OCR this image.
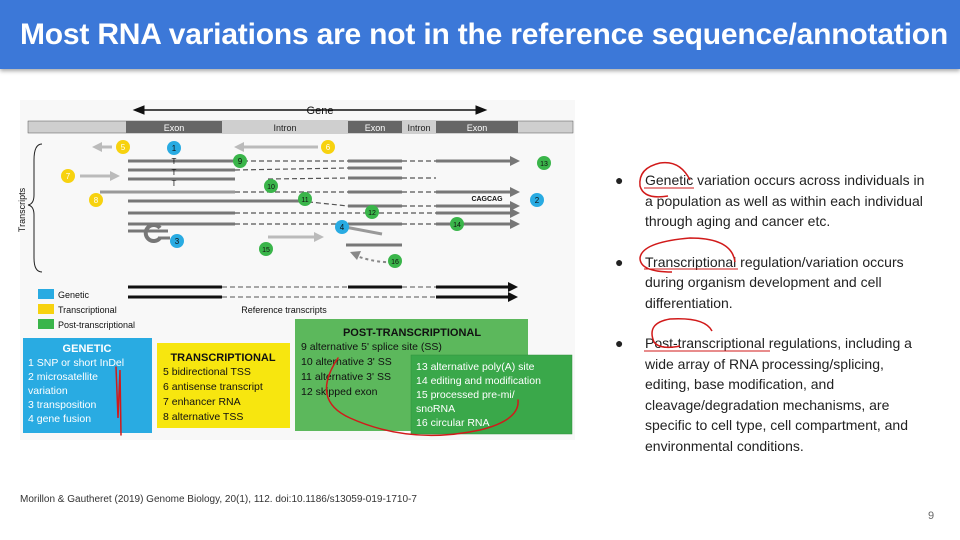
Most RNA variations are not in the reference sequence/annotation
Gene
Exon	Intron	Exon Intron	Exon
Transcripts
T
T
T
CAGCAG
1
2
3
4
5	6
7
8
9
10
11
12
13
14
15
16
Genetic
Transcriptional
Post-transcriptional
Reference transcripts
GENETIC
1 SNP or short InDel
2 microsatellite
variation
3 transposition
4 gene fusion
TRANSCRIPTIONAL
5 bidirectional TSS
6 antisense transcript
7 enhancer RNA
8 alternative TSS
POST-TRANSCRIPTIONAL
9 alternative 5' splice site (SS)
10 alternative 3' SS
11 alternative 3' SS
12 skipped exon
13 alternative poly(A) site
14 editing and modification
15 processed pre-mi/
snoRNA
16 circular RNA
● Genetic variation occurs across individuals in a population as well as within each individual through aging and cancer etc.
● Transcriptional regulation/variation occurs during organism development and cell differentiation.
● Post-transcriptional regulations, including a wide array of RNA processing/splicing, editing, base modification, and cleavage/degradation mechanisms, are specific to cell type, cell compartment, and environmental conditions.
Morillon & Gautheret (2019) Genome Biology, 20(1), 112. doi:10.1186/s13059-019-1710-7
9
